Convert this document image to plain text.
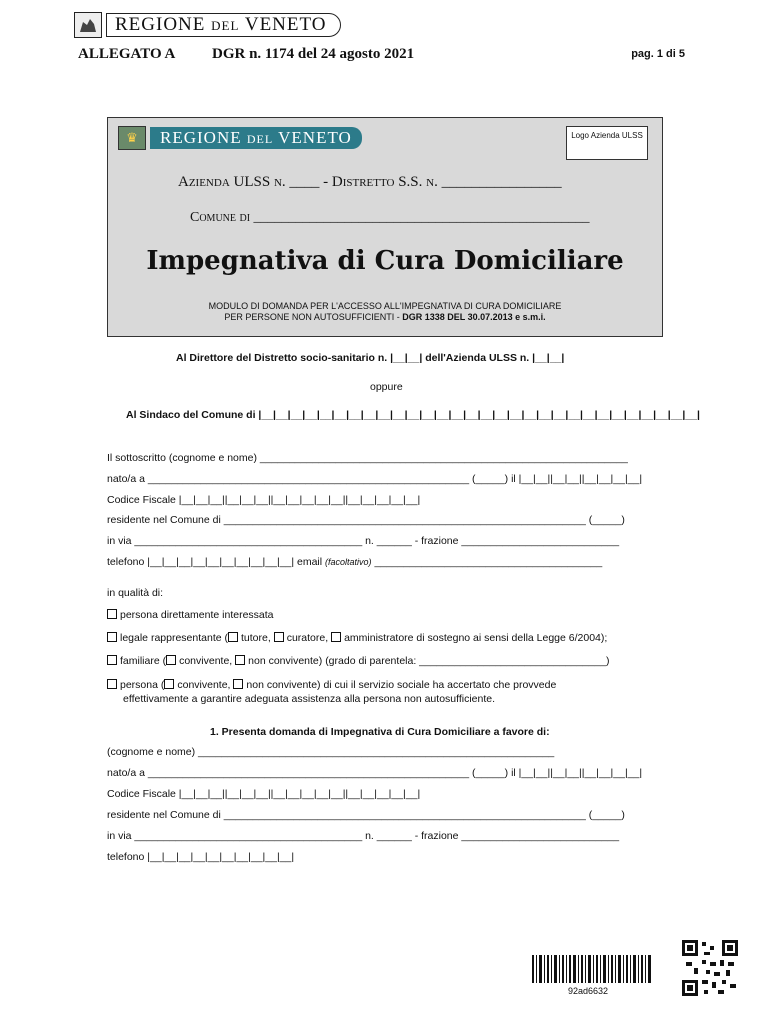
REGIONE DEL VENETO
ALLEGATO A DGR n. 1174 del 24 agosto 2021	pag. 1 di 5
♛	REGIONE DEL VENETO	Logo Azienda ULSS
Azienda ULSS n. ____ - Distretto S.S. n. ________________
Comune di ________________________________________________
Impegnativa di Cura Domiciliare
MODULO DI DOMANDA PER L'ACCESSO ALL'IMPEGNATIVA DI CURA DOMICILIARE
PER PERSONE NON AUTOSUFFICIENTI - DGR 1338 DEL 30.07.2013 e s.m.i.
Al Direttore del Distretto socio-sanitario n. |__|__| dell'Azienda ULSS n. |__|__|
oppure
Al Sindaco del Comune di |__|__|__|__|__|__|__|__|__|__|__|__|__|__|__|__|__|__|__|__|__|__|__|__|__|__|__|__|__|__|
Il sottoscritto (cognome e nome) _______________________________________________________________
nato/a a _______________________________________________________ (_____) il |__|__||__|__||__|__|__|__|
Codice Fiscale |__|__|__||__|__|__||__|__|__|__|__||__|__|__|__|__|
residente nel Comune di ______________________________________________________________ (_____)
in via _______________________________________ n. ______ - frazione ___________________________
telefono |__|__|__|__|__|__|__|__|__|__| email (facoltativo) _______________________________________
in qualità di:
persona direttamente interessata
legale rappresentante ( tutore, curatore, amministratore di sostegno ai sensi della Legge 6/2004);
familiare ( convivente, non convivente) (grado di parentela: ________________________________)
persona ( convivente, non convivente) di cui il servizio sociale ha accertato che provvede
effettivamente a garantire adeguata assistenza alla persona non autosufficiente.
1. Presenta domanda di Impegnativa di Cura Domiciliare a favore di:
(cognome e nome) _____________________________________________________________
nato/a a _______________________________________________________ (_____) il |__|__||__|__||__|__|__|__|
Codice Fiscale |__|__|__||__|__|__||__|__|__|__|__||__|__|__|__|__|
residente nel Comune di ______________________________________________________________ (_____)
in via _______________________________________ n. ______ - frazione ___________________________
telefono |__|__|__|__|__|__|__|__|__|__|
92ad6632
